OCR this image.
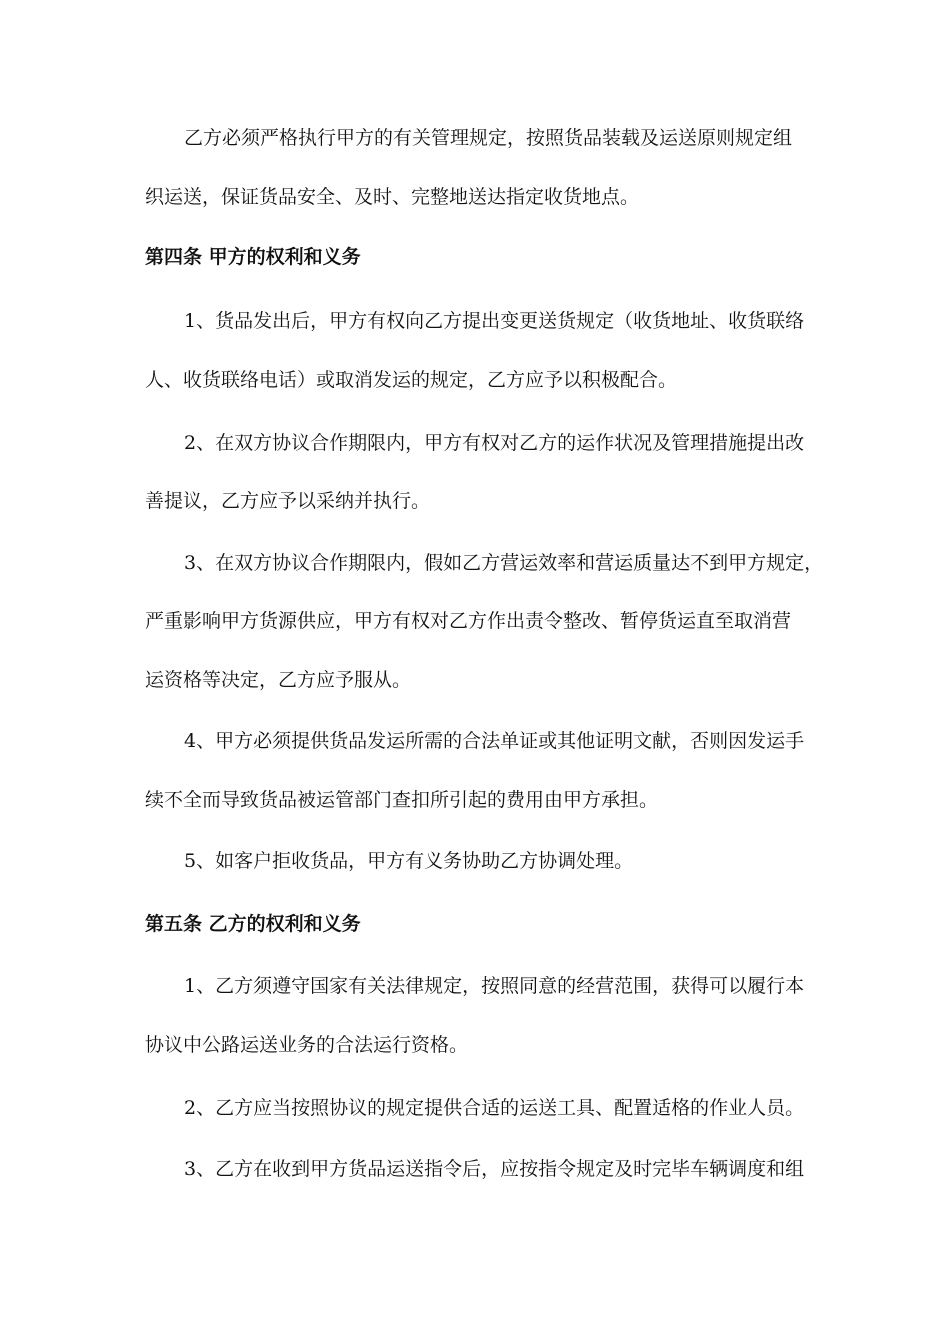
乙方必须严格执行甲方的有关管理规定，按照货品装载及运送原则规定组
织运送，保证货品安全、及时、完整地送达指定收货地点。
第四条 甲方的权利和义务
1、货品发出后，甲方有权向乙方提出变更送货规定（收货地址、收货联络
人、收货联络电话）或取消发运的规定，乙方应予以积极配合。
2、在双方协议合作期限内，甲方有权对乙方的运作状况及管理措施提出改
善提议，乙方应予以采纳并执行。
3、在双方协议合作期限内，假如乙方营运效率和营运质量达不到甲方规定，
严重影响甲方货源供应，甲方有权对乙方作出责令整改、暂停货运直至取消营
运资格等决定，乙方应予服从。
4、甲方必须提供货品发运所需的合法单证或其他证明文献，否则因发运手
续不全而导致货品被运管部门查扣所引起的费用由甲方承担。
5、如客户拒收货品，甲方有义务协助乙方协调处理。
第五条 乙方的权利和义务
1、乙方须遵守国家有关法律规定，按照同意的经营范围，获得可以履行本
协议中公路运送业务的合法运行资格。
2、乙方应当按照协议的规定提供合适的运送工具、配置适格的作业人员。
3、乙方在收到甲方货品运送指令后，应按指令规定及时完毕车辆调度和组
